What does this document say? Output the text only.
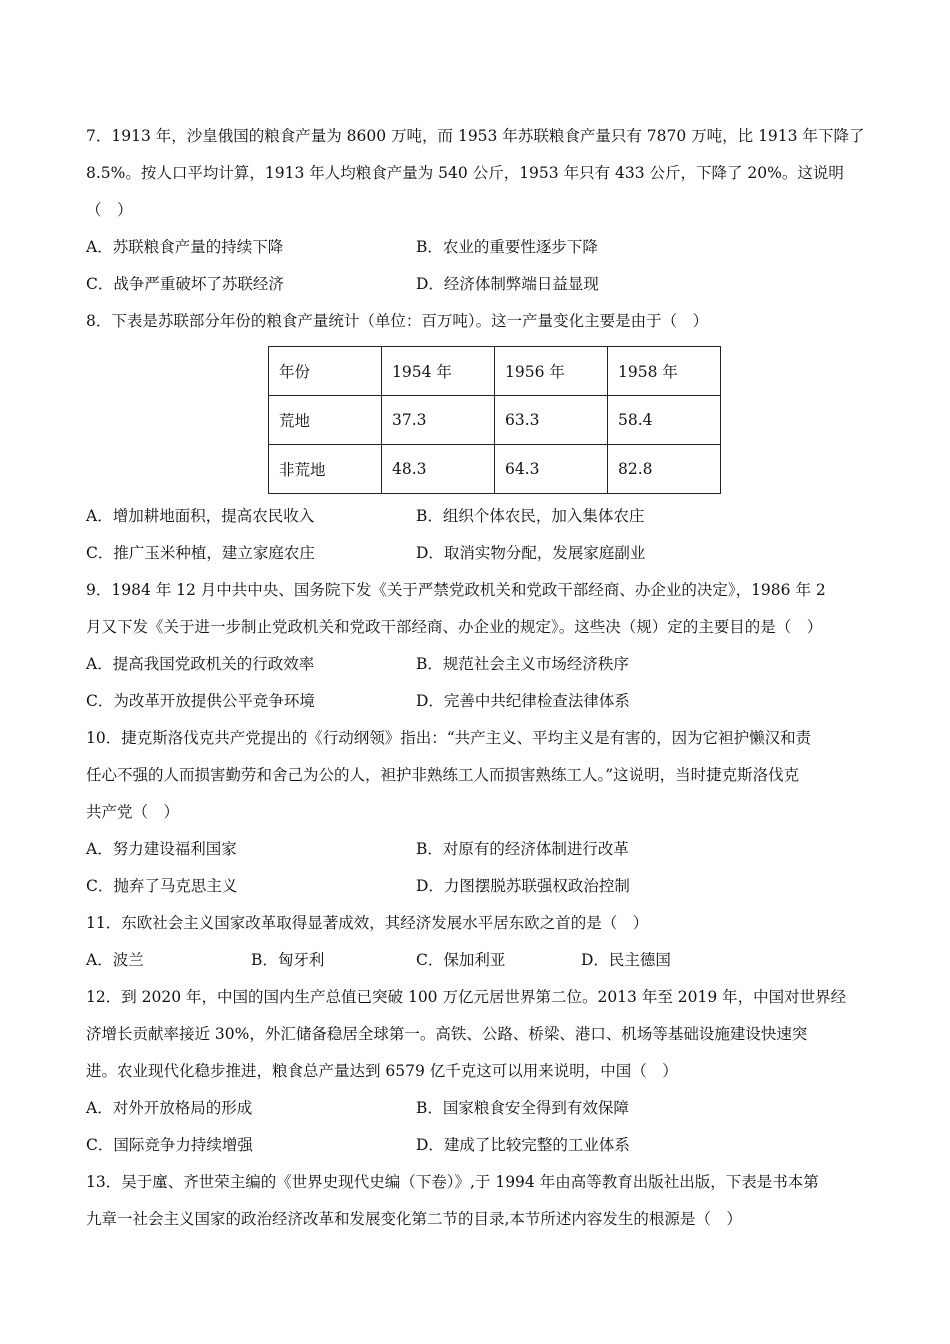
7．1913 年，沙皇俄国的粮食产量为 8600 万吨，而 1953 年苏联粮食产量只有 7870 万吨，比 1913 年下降了
8.5%。按人口平均计算，1913 年人均粮食产量为 540 公斤，1953 年只有 433 公斤，下降了 20%。这说明
（　）
A．苏联粮食产量的持续下降	B．农业的重要性逐步下降
C．战争严重破坏了苏联经济	D．经济体制弊端日益显现
8．下表是苏联部分年份的粮食产量统计（单位：百万吨）。这一产量变化主要是由于（　）
年份	1954 年	1956 年	1958 年
荒地	37.3	63.3	58.4
非荒地	48.3	64.3	82.8
A．增加耕地面积，提高农民收入	B．组织个体农民，加入集体农庄
C．推广玉米种植，建立家庭农庄	D．取消实物分配，发展家庭副业
9．1984 年 12 月中共中央、国务院下发《关于严禁党政机关和党政干部经商、办企业的决定》，1986 年 2
月又下发《关于进一步制止党政机关和党政干部经商、办企业的规定》。这些决（规）定的主要目的是（　）
A．提高我国党政机关的行政效率	B．规范社会主义市场经济秩序
C．为改革开放提供公平竞争环境	D．完善中共纪律检查法律体系
10．捷克斯洛伐克共产党提出的《行动纲领》指出：“共产主义、平均主义是有害的，因为它袒护懒汉和责
任心不强的人而损害勤劳和舍己为公的人，袒护非熟练工人而损害熟练工人。”这说明，当时捷克斯洛伐克
共产党（　）
A．努力建设福利国家	B．对原有的经济体制进行改革
C．抛弃了马克思主义	D．力图摆脱苏联强权政治控制
11．东欧社会主义国家改革取得显著成效，其经济发展水平居东欧之首的是（　）
A．波兰	B．匈牙利	C．保加利亚	D．民主德国
12．到 2020 年，中国的国内生产总值已突破 100 万亿元居世界第二位。2013 年至 2019 年，中国对世界经
济增长贡献率接近 30%，外汇储备稳居全球第一。高铁、公路、桥梁、港口、机场等基础设施建设快速突
进。农业现代化稳步推进，粮食总产量达到 6579 亿千克这可以用来说明，中国（　）
A．对外开放格局的形成	B．国家粮食安全得到有效保障
C．国际竞争力持续增强	D．建成了比较完整的工业体系
13．吴于廑、齐世荣主编的《世界史现代史编（下卷）》,于 1994 年由高等教育出版社出版，下表是书本第
九章一社会主义国家的政治经济改革和发展变化第二节的目录,本节所述内容发生的根源是（　）
